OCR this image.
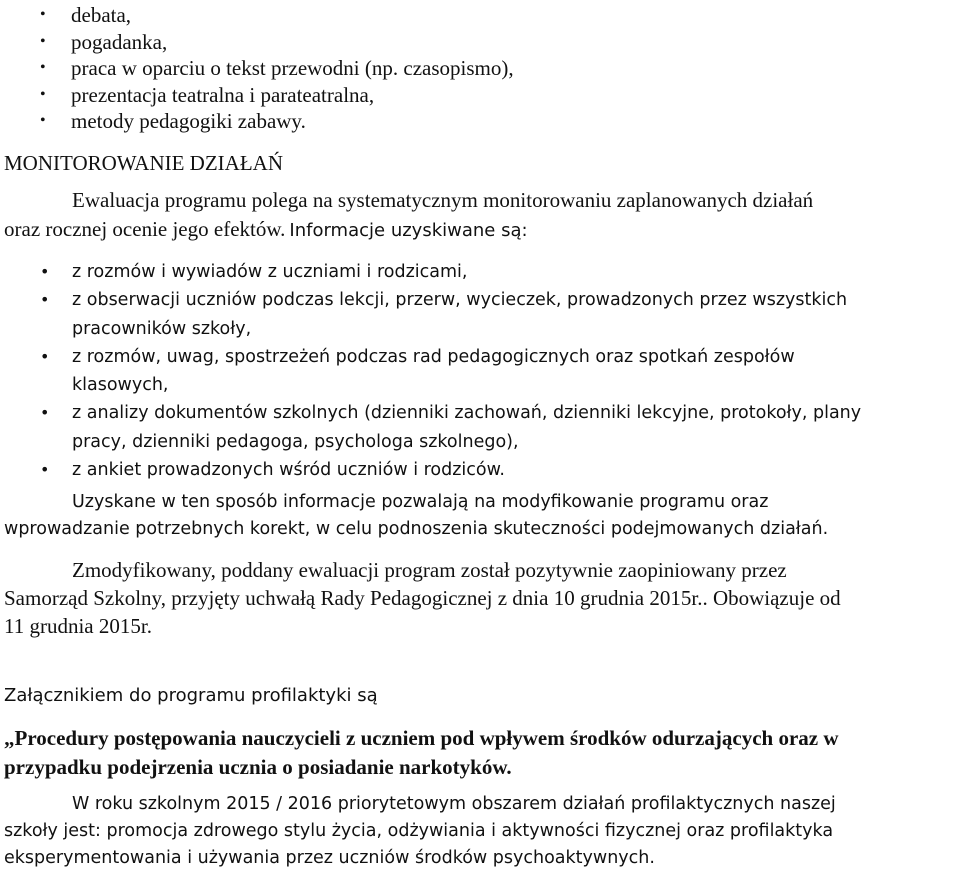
• debata,
• pogadanka,
• praca w oparciu o tekst przewodni (np. czasopismo),
• prezentacja teatralna i parateatralna,
• metody pedagogiki zabawy.
MONITOROWANIE DZIAŁAŃ
Ewaluacja programu polega na systematycznym monitorowaniu zaplanowanych działań
oraz rocznej ocenie jego efektów. Informacje uzyskiwane są:
• z rozmów i wywiadów z uczniami i rodzicami,
• z obserwacji uczniów podczas lekcji, przerw, wycieczek, prowadzonych przez wszystkich
pracowników szkoły,
• z rozmów, uwag, spostrzeżeń podczas rad pedagogicznych oraz spotkań zespołów
klasowych,
• z analizy dokumentów szkolnych (dzienniki zachowań, dzienniki lekcyjne, protokoły, plany
pracy, dzienniki pedagoga, psychologa szkolnego),
• z ankiet prowadzonych wśród uczniów i rodziców.
Uzyskane w ten sposób informacje pozwalają na modyfikowanie programu oraz
wprowadzanie potrzebnych korekt, w celu podnoszenia skuteczności podejmowanych działań.
Zmodyfikowany, poddany ewaluacji program został pozytywnie zaopiniowany przez
Samorząd Szkolny, przyjęty uchwałą Rady Pedagogicznej z dnia 10 grudnia 2015r.. Obowiązuje od
11 grudnia 2015r.
Załącznikiem do programu profilaktyki są
„Procedury postępowania nauczycieli z uczniem pod wpływem środków odurzających oraz w
przypadku podejrzenia ucznia o posiadanie narkotyków.
W roku szkolnym 2015 / 2016 priorytetowym obszarem działań profilaktycznych naszej
szkoły jest: promocja zdrowego stylu życia, odżywiania i aktywności fizycznej oraz profilaktyka
eksperymentowania i używania przez uczniów środków psychoaktywnych.
